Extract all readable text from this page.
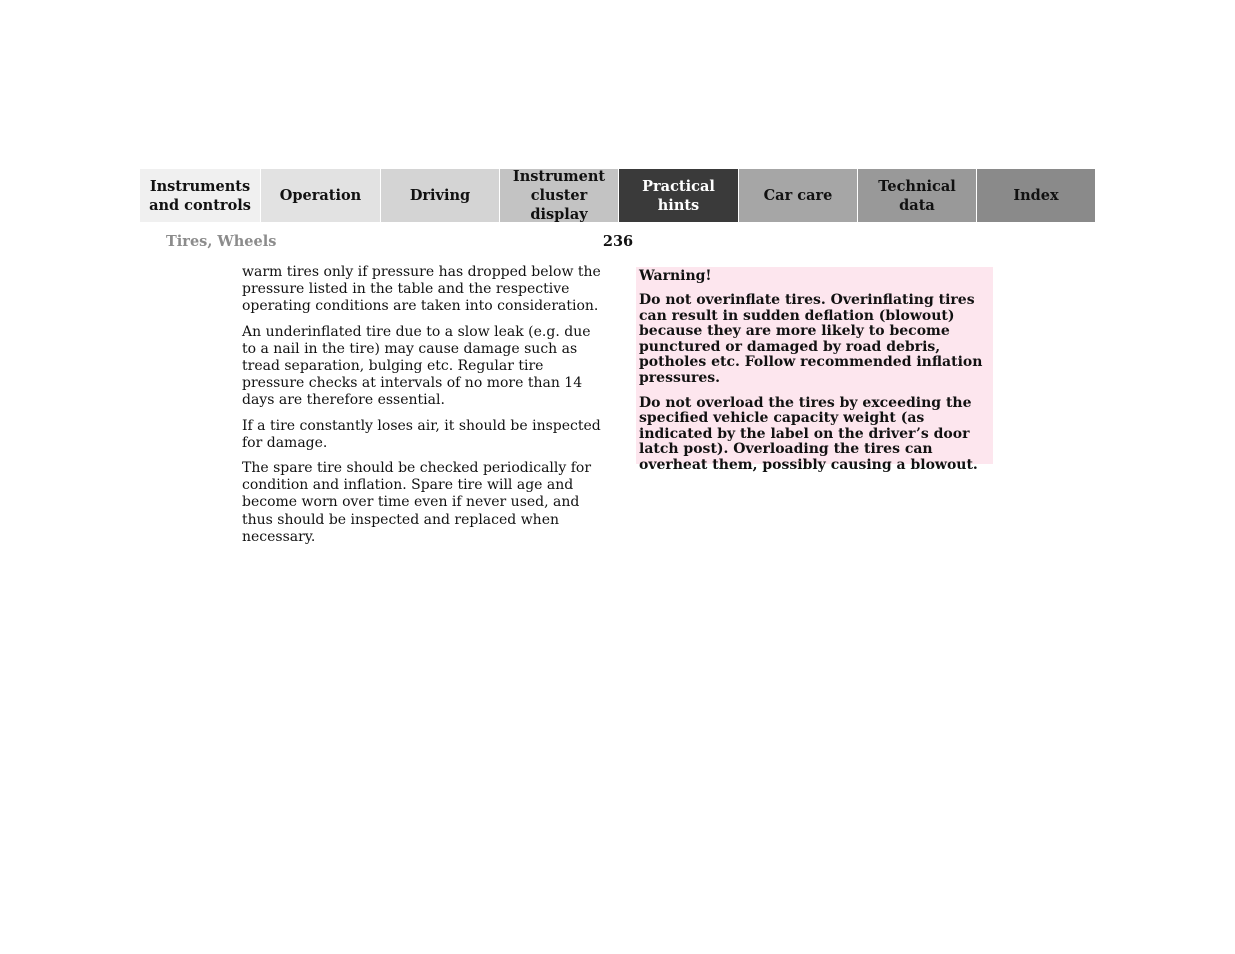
Instruments
and controls
Operation	Driving
Instrument
cluster display
Practical hints
Car care
Technical
data
Index
Tires, Wheels	236

warm tires only if pressure has dropped below the pressure listed in the table and the respective operating conditions are taken into consideration.

An underinflated tire due to a slow leak (e.g. due to a nail in the tire) may cause damage such as tread separation, bulging etc. Regular tire pressure checks at intervals of no more than 14 days are therefore essential.

If a tire constantly loses air, it should be inspected for damage.

The spare tire should be checked periodically for condition and inflation. Spare tire will age and become worn over time even if never used, and thus should be inspected and replaced when necessary.

Warning!

Do not overinflate tires. Overinflating tires can result in sudden deflation (blowout) because they are more likely to become punctured or damaged by road debris, potholes etc. Follow recommended inflation pressures.

Do not overload the tires by exceeding the specified vehicle capacity weight (as indicated by the label on the driver’s door latch post). Overloading the tires can overheat them, possibly causing a blowout.
